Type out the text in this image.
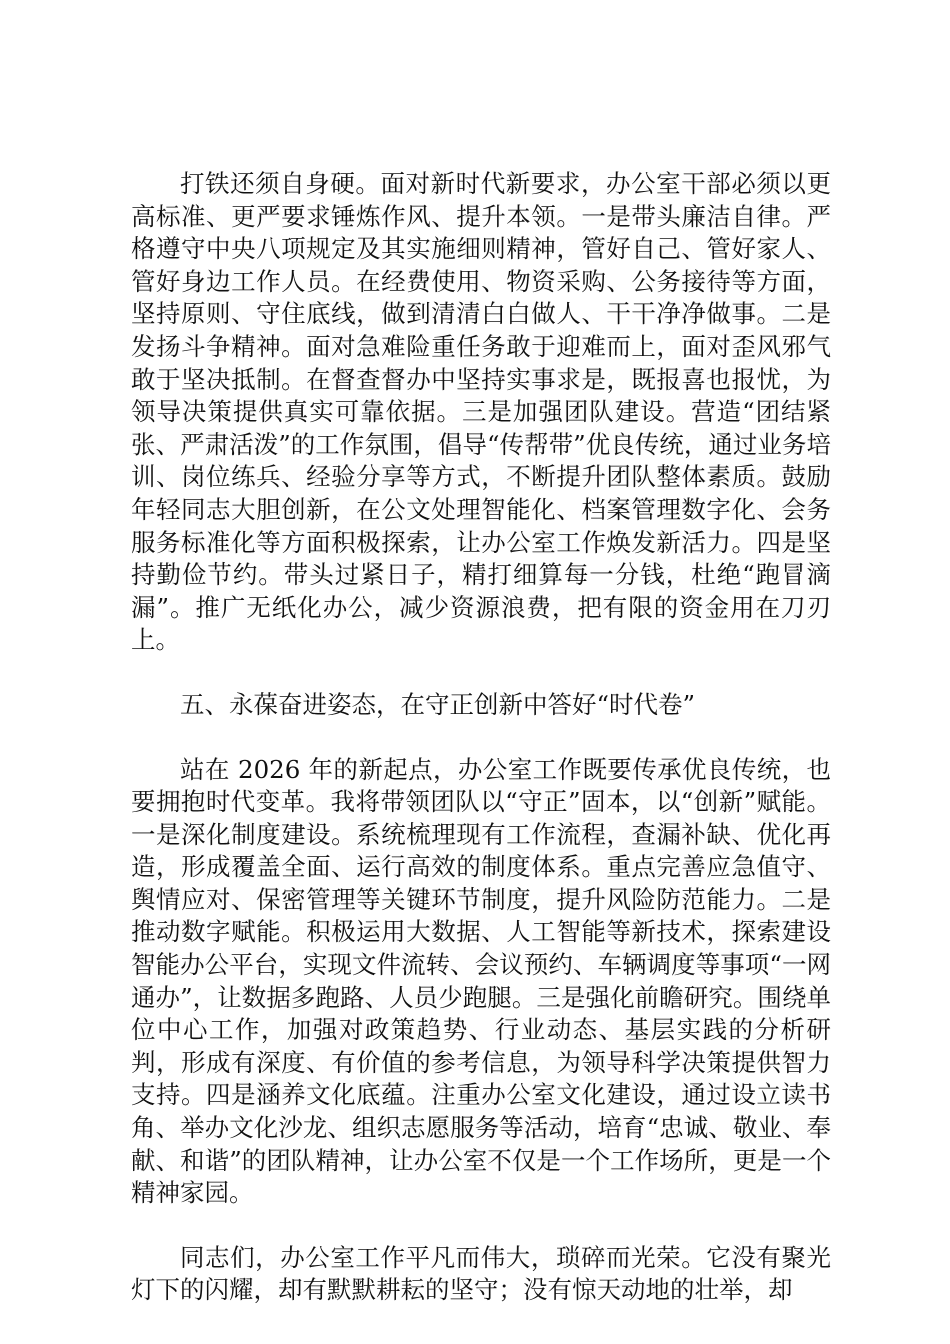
打铁还须自身硬。面对新时代新要求，办公室干部必须以更高标准、更严要求锤炼作风、提升本领。一是带头廉洁自律。严格遵守中央八项规定及其实施细则精神，管好自己、管好家人、管好身边工作人员。在经费使用、物资采购、公务接待等方面，坚持原则、守住底线，做到清清白白做人、干干净净做事。二是发扬斗争精神。面对急难险重任务敢于迎难而上，面对歪风邪气敢于坚决抵制。在督查督办中坚持实事求是，既报喜也报忧，为领导决策提供真实可靠依据。三是加强团队建设。营造“团结紧张、严肃活泼”的工作氛围，倡导“传帮带”优良传统，通过业务培训、岗位练兵、经验分享等方式，不断提升团队整体素质。鼓励年轻同志大胆创新，在公文处理智能化、档案管理数字化、会务服务标准化等方面积极探索，让办公室工作焕发新活力。四是坚持勤俭节约。带头过紧日子，精打细算每一分钱，杜绝“跑冒滴漏”。推广无纸化办公，减少资源浪费，把有限的资金用在刀刃上。

五、永葆奋进姿态，在守正创新中答好“时代卷”

站在 2026 年的新起点，办公室工作既要传承优良传统，也要拥抱时代变革。我将带领团队以“守正”固本，以“创新”赋能。一是深化制度建设。系统梳理现有工作流程，查漏补缺、优化再造，形成覆盖全面、运行高效的制度体系。重点完善应急值守、舆情应对、保密管理等关键环节制度，提升风险防范能力。二是推动数字赋能。积极运用大数据、人工智能等新技术，探索建设智能办公平台，实现文件流转、会议预约、车辆调度等事项“一网通办”，让数据多跑路、人员少跑腿。三是强化前瞻研究。围绕单位中心工作，加强对政策趋势、行业动态、基层实践的分析研判，形成有深度、有价值的参考信息，为领导科学决策提供智力支持。四是涵养文化底蕴。注重办公室文化建设，通过设立读书角、举办文化沙龙、组织志愿服务等活动，培育“忠诚、敬业、奉献、和谐”的团队精神，让办公室不仅是一个工作场所，更是一个精神家园。

同志们，办公室工作平凡而伟大，琐碎而光荣。它没有聚光灯下的闪耀，却有默默耕耘的坚守；没有惊天动地的壮举，却
